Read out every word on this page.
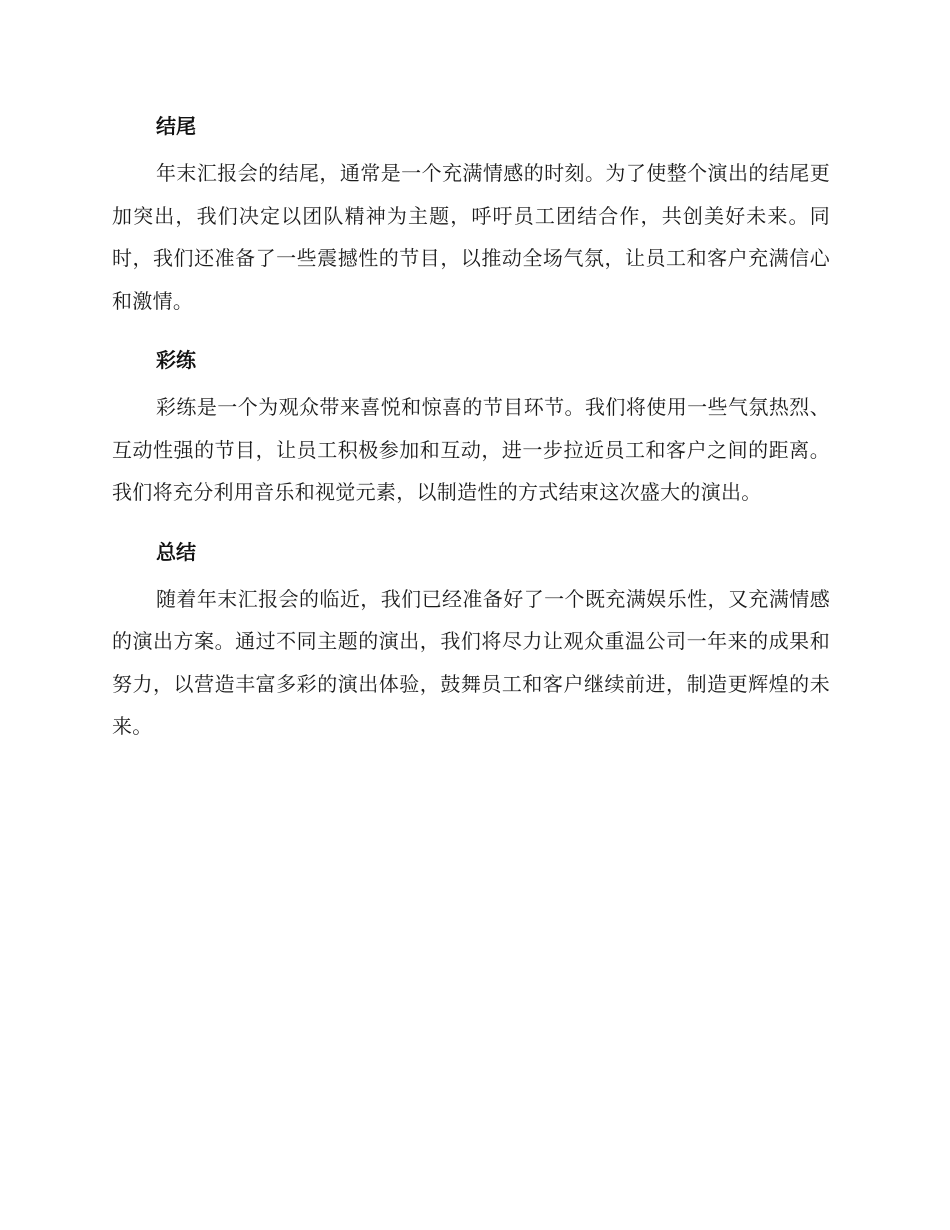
结尾

年末汇报会的结尾，通常是一个充满情感的时刻。为了使整个演出的结尾更加突出，我们决定以团队精神为主题，呼吁员工团结合作，共创美好未来。同时，我们还准备了一些震撼性的节目，以推动全场气氛，让员工和客户充满信心和激情。

彩练

彩练是一个为观众带来喜悦和惊喜的节目环节。我们将使用一些气氛热烈、互动性强的节目，让员工积极参加和互动，进一步拉近员工和客户之间的距离。我们将充分利用音乐和视觉元素，以制造性的方式结束这次盛大的演出。

总结

随着年末汇报会的临近，我们已经准备好了一个既充满娱乐性，又充满情感的演出方案。通过不同主题的演出，我们将尽力让观众重温公司一年来的成果和努力，以营造丰富多彩的演出体验，鼓舞员工和客户继续前进，制造更辉煌的未来。
